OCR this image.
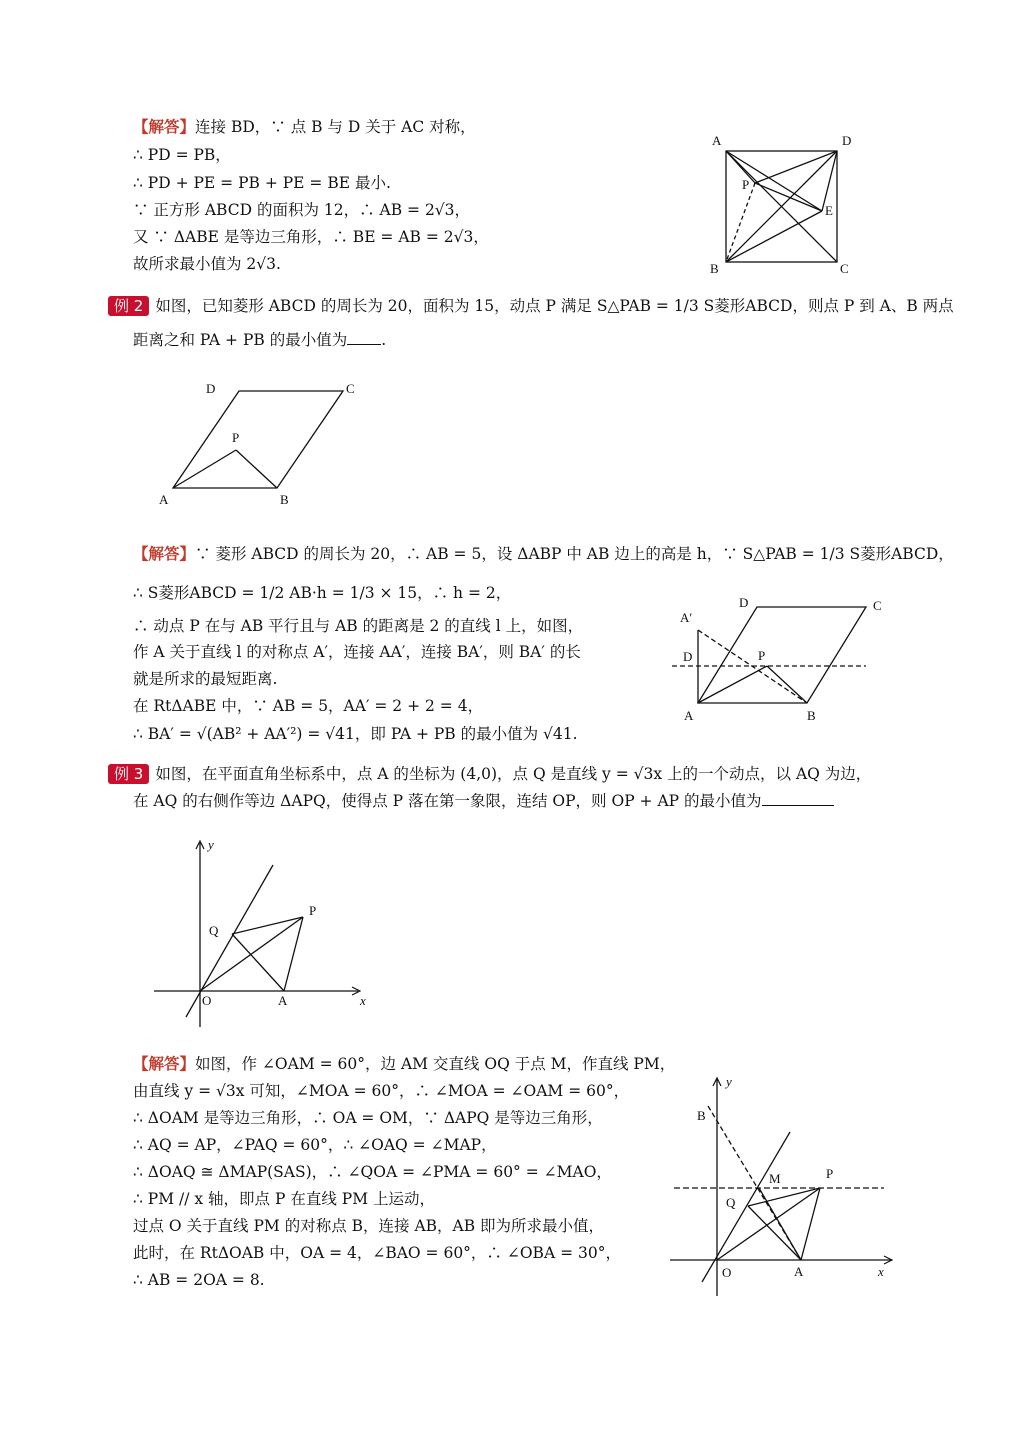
【解答】连接 BD，∵ 点 B 与 D 关于 AC 对称，
∴ PD = PB，
∴ PD + PE = PB + PE = BE 最小.
∵ 正方形 ABCD 的面积为 12，∴ AB = 2√3，
又 ∵ ΔABE 是等边三角形，∴ BE = AB = 2√3，
故所求最小值为 2√3.
A	D
P
E
B	C
例 2 如图，已知菱形 ABCD 的周长为 20，面积为 15，动点 P 满足 S△PAB = 1/3 S菱形ABCD，则点 P 到 A、B 两点
距离之和 PA + PB 的最小值为 .
D	C
P
A	B
【解答】∵ 菱形 ABCD 的周长为 20，∴ AB = 5，设 ΔABP 中 AB 边上的高是 h，∵ S△PAB = 1/3 S菱形ABCD，
∴ S菱形ABCD = 1/2 AB·h = 1/3 × 15，∴ h = 2，
∴ 动点 P 在与 AB 平行且与 AB 的距离是 2 的直线 l 上，如图，
作 A 关于直线 l 的对称点 A′，连接 AA′，连接 BA′，则 BA′ 的长
就是所求的最短距离.
在 RtΔABE 中，∵ AB = 5，AA′ = 2 + 2 = 4，
∴ BA′ = √(AB² + AA′²) = √41，即 PA + PB 的最小值为 √41.
D	C
A′
D	P
A	B
例 3 如图，在平面直角坐标系中，点 A 的坐标为 (4,0)，点 Q 是直线 y = √3x 上的一个动点，以 AQ 为边，
在 AQ 的右侧作等边 ΔAPQ，使得点 P 落在第一象限，连结 OP，则 OP + AP 的最小值为
y
P
Q
O	A	x
【解答】如图，作 ∠OAM = 60°，边 AM 交直线 OQ 于点 M，作直线 PM，
由直线 y = √3x 可知，∠MOA = 60°，∴ ∠MOA = ∠OAM = 60°，
∴ ΔOAM 是等边三角形，∴ OA = OM，∵ ΔAPQ 是等边三角形，
∴ AQ = AP，∠PAQ = 60°，∴ ∠OAQ = ∠MAP，
∴ ΔOAQ ≅ ΔMAP(SAS)，∴ ∠QOA = ∠PMA = 60° = ∠MAO，
∴ PM // x 轴，即点 P 在直线 PM 上运动，
过点 O 关于直线 PM 的对称点 B，连接 AB，AB 即为所求最小值，
此时，在 RtΔOAB 中，OA = 4，∠BAO = 60°，∴ ∠OBA = 30°，
∴ AB = 2OA = 8.
y
B
M	P
Q
O	A	x
